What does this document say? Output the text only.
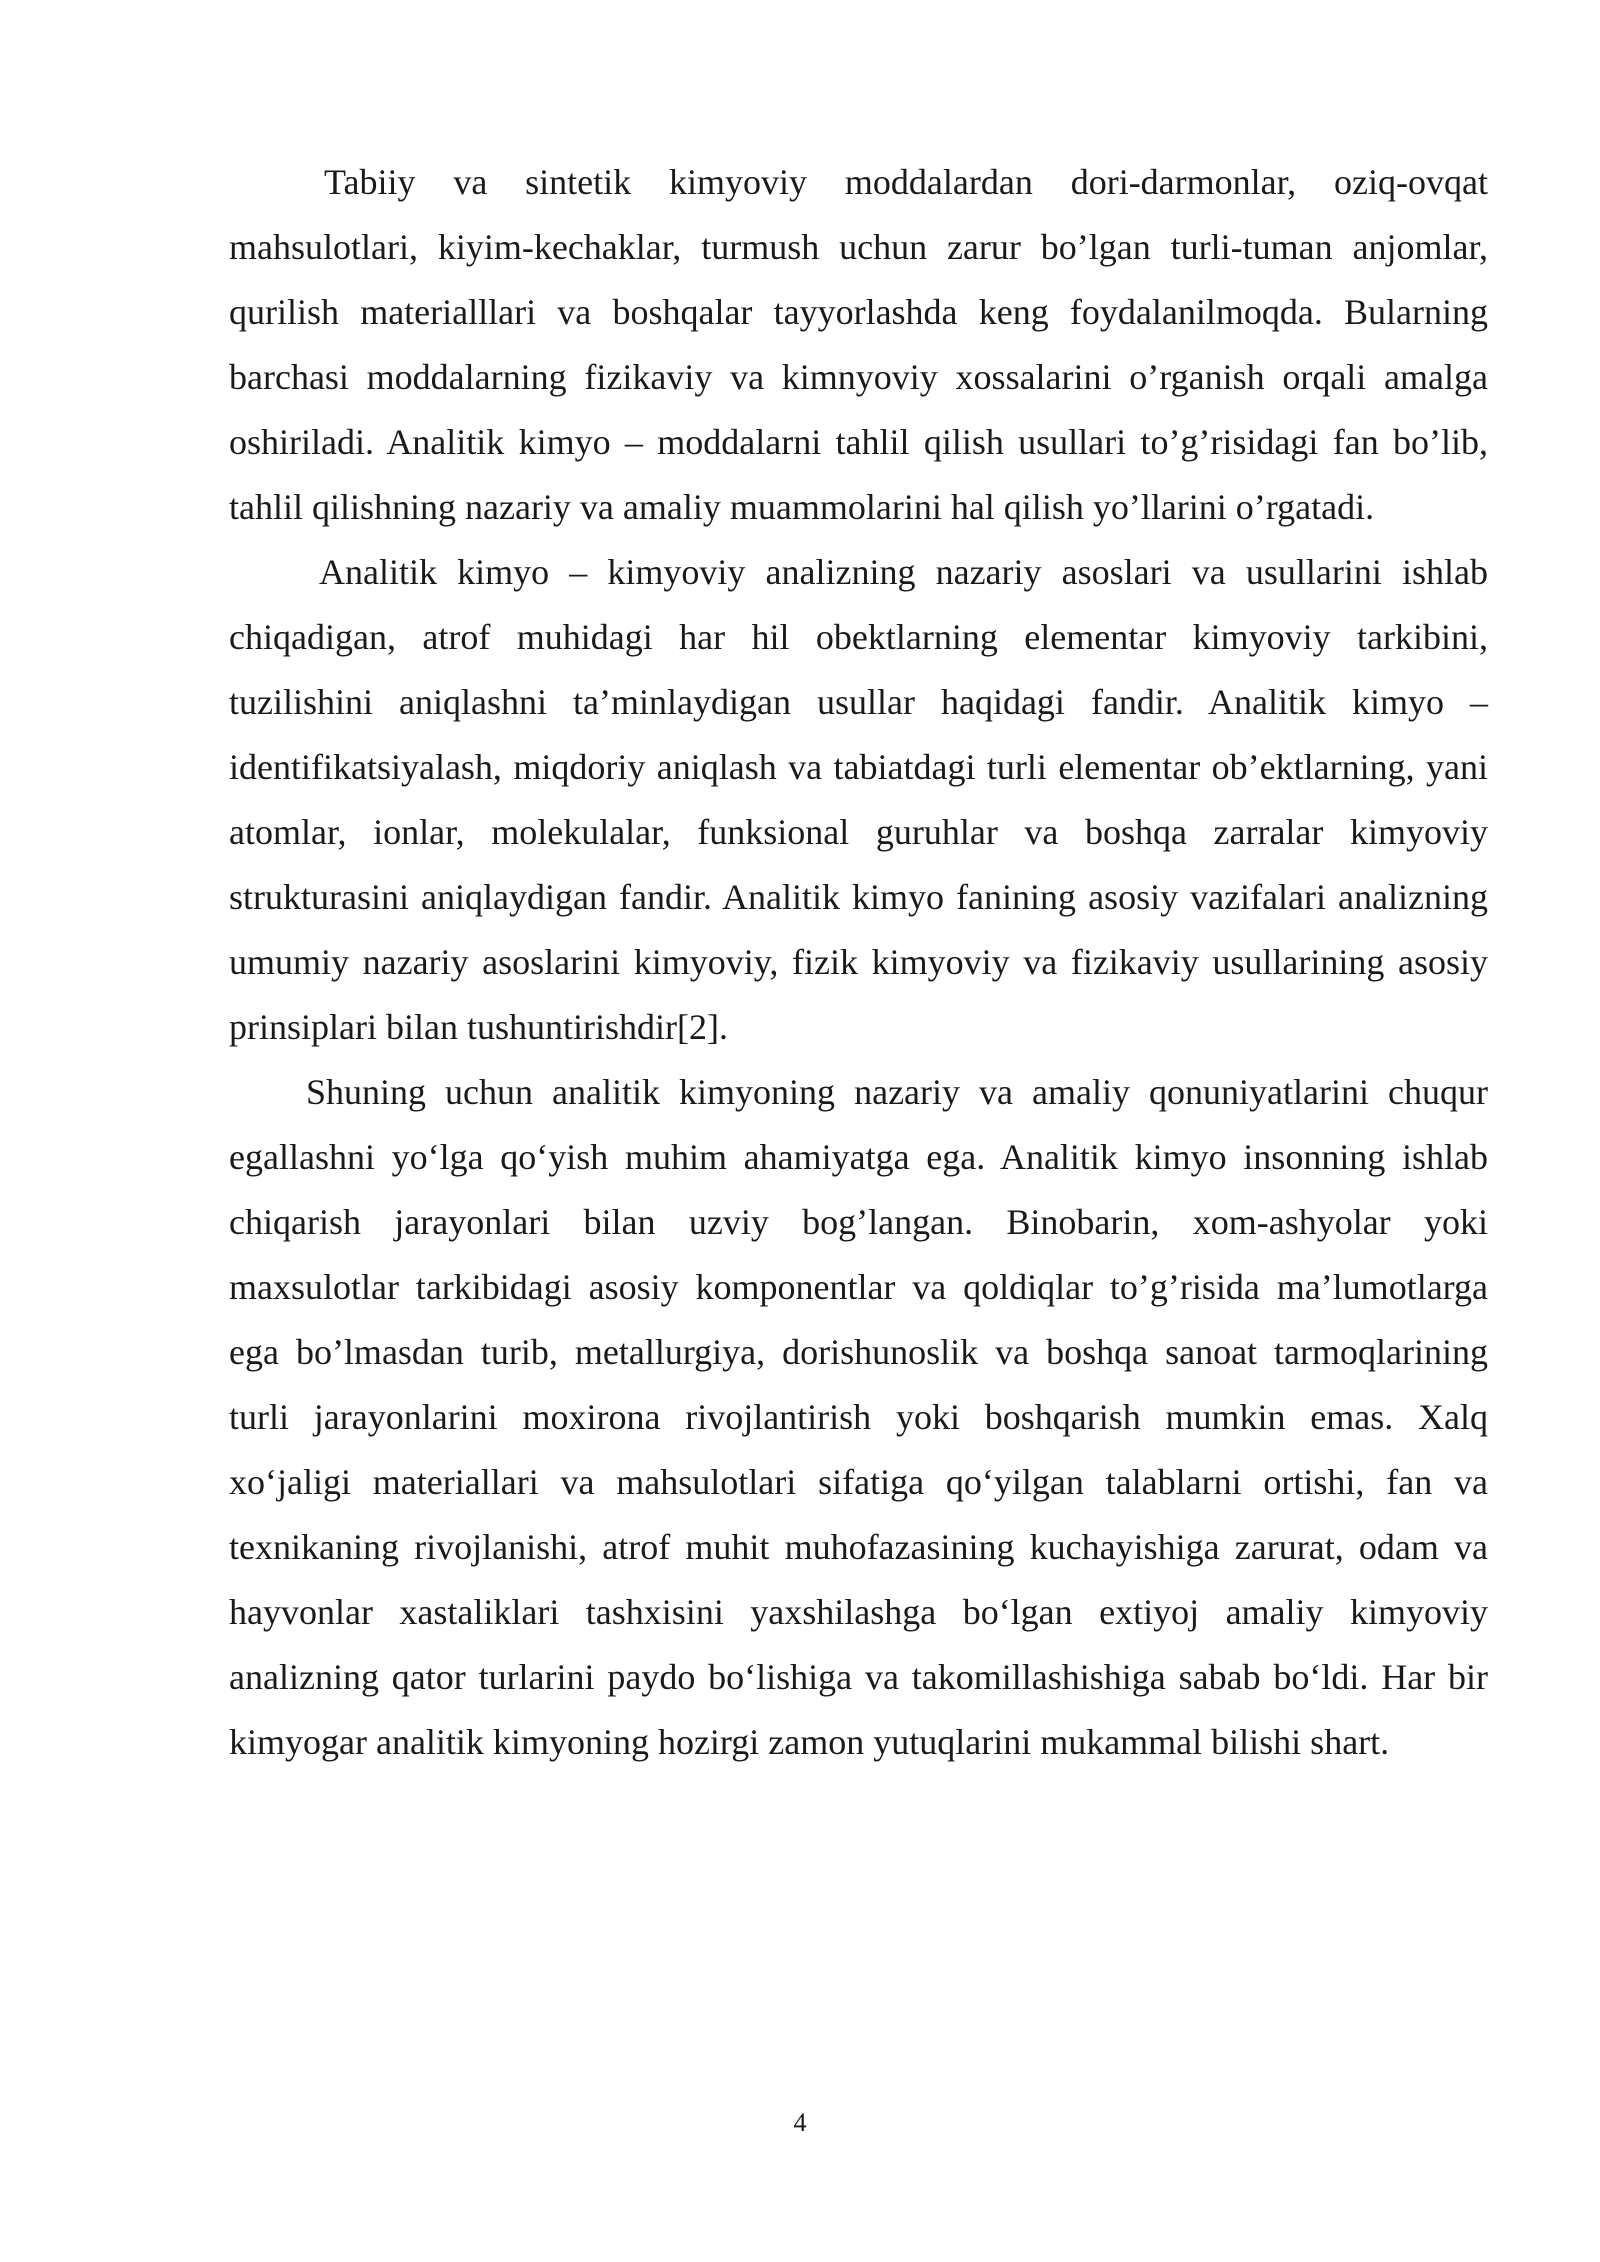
Tabiiy va sintetik kimyoviy moddalardan dori-darmonlar, oziq-ovqat mahsulotlari, kiyim-kechaklar, turmush uchun zarur bo’lgan turli-tuman anjomlar, qurilish materialllari va boshqalar tayyorlashda keng foydalanilmoqda. Bularning barchasi moddalarning fizikaviy va kimnyoviy xossalarini o’rganish orqali amalga oshiriladi. Analitik kimyo – moddalarni tahlil qilish usullari to’g’risidagi fan bo’lib, tahlil qilishning nazariy va amaliy muammolarini hal qilish yo’llarini o’rgatadi.

Analitik kimyo – kimyoviy analizning nazariy asoslari va usullarini ishlab chiqadigan, atrof muhidagi har hil obektlarning elementar kimyoviy tarkibini, tuzilishini aniqlashni ta’minlaydigan usullar haqidagi fandir. Analitik kimyo – identifikatsiyalash, miqdoriy aniqlash va tabiatdagi turli elementar ob’ektlarning, yani atomlar, ionlar, molekulalar, funksional guruhlar va boshqa zarralar kimyoviy strukturasini aniqlaydigan fandir. Analitik kimyo fanining asosiy vazifalari analizning umumiy nazariy asoslarini kimyoviy, fizik kimyoviy va fizikaviy usullarining asosiy prinsiplari bilan tushuntirishdir[2].

Shuning uchun analitik kimyoning nazariy va amaliy qonuniyatlarini chuqur egallashni yoʻlga qoʻyish muhim ahamiyatga ega. Analitik kimyo insonning ishlab chiqarish jarayonlari bilan uzviy bog’langan. Binobarin, xom-ashyolar yoki maxsulotlar tarkibidagi asosiy komponentlar va qoldiqlar to’g’risida ma’lumotlarga ega bo’lmasdan turib, metallurgiya, dorishunoslik va boshqa sanoat tarmoqlarining turli jarayonlarini moxirona rivojlantirish yoki boshqarish mumkin emas. Xalq xoʻjaligi materiallari va mahsulotlari sifatiga qoʻyilgan talablarni ortishi, fan va texnikaning rivojlanishi, atrof muhit muhofazasining kuchayishiga zarurat, odam va hayvonlar xastaliklari tashxisini yaxshilashga boʻlgan extiyoj amaliy kimyoviy analizning qator turlarini paydo boʻlishiga va takomillashishiga sabab boʻldi. Har bir kimyogar analitik kimyoning hozirgi zamon yutuqlarini mukammal bilishi shart.

4
